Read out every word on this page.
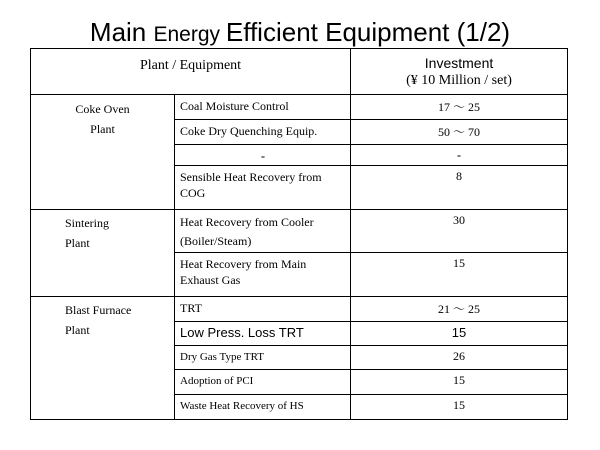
Main Energy Efficient Equipment (1/2)
Plant / Equipment		Investment
(¥ 10 Million / set)

Coke Oven
Plant	Coal Moisture Control	17 ～ 25
	Coke Dry Quenching Equip.	50 ～ 70
	-	-
	Sensible Heat Recovery from COG	8

Sintering
Plant	Heat Recovery from Cooler (Boiler/Steam)	30
	Heat Recovery from Main Exhaust Gas	15

Blast Furnace
Plant	TRT	21 ～ 25
	Low Press. Loss TRT	15
	Dry Gas Type TRT	26
	Adoption of PCI	15
	Waste Heat Recovery of HS	15
